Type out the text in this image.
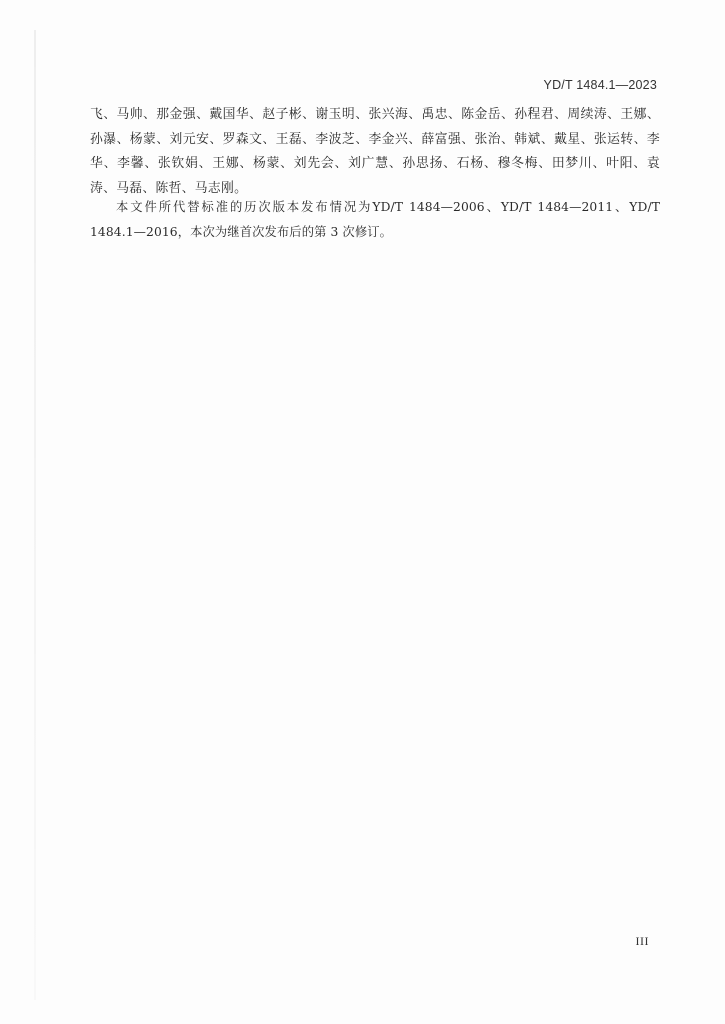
YD/T 1484.1—2023

飞、马帅、那金强、戴国华、赵子彬、谢玉明、张兴海、禹忠、陈金岳、孙程君、周续涛、王娜、孙瀑、杨蒙、刘元安、罗森文、王磊、李波芝、李金兴、薛富强、张治、韩斌、戴星、张运转、李华、李馨、张钦娟、王娜、杨蒙、刘先会、刘广慧、孙思扬、石杨、穆冬梅、田梦川、叶阳、袁涛、马磊、陈哲、马志刚。

本文件所代替标准的历次版本发布情况为YD/T 1484—2006、YD/T 1484—2011、YD/T 1484.1—2016，本次为继首次发布后的第 3 次修订。

III
